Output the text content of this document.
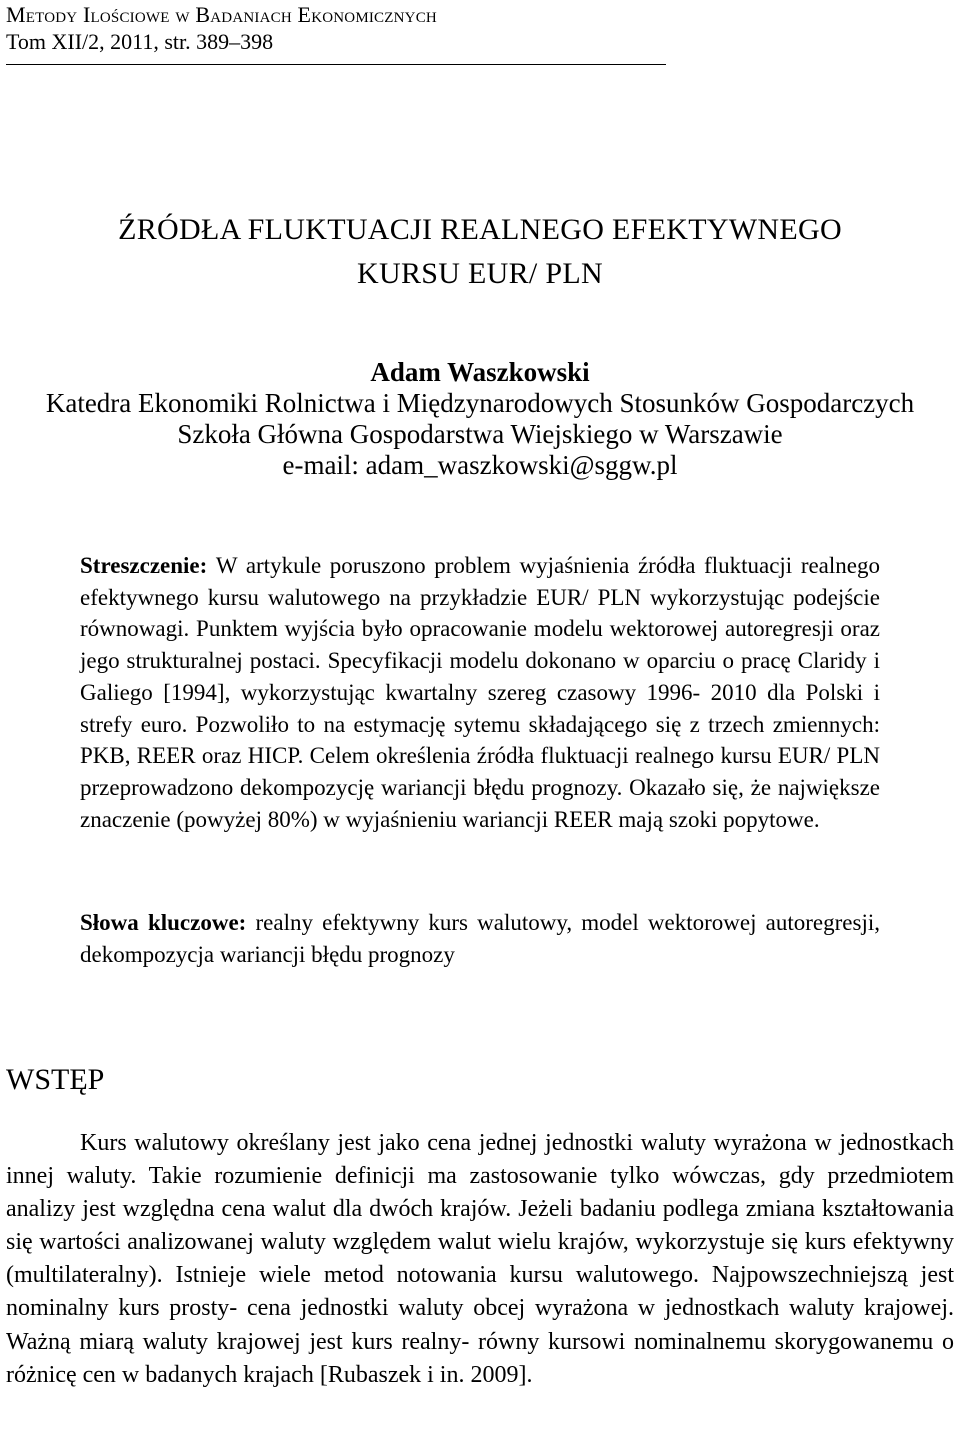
Metody Ilościowe w Badaniach Ekonomicznych
Tom XII/2, 2011, str. 389–398
ŹRÓDŁA FLUKTUACJI REALNEGO EFEKTYWNEGO
KURSU EUR/ PLN
Adam Waszkowski
Katedra Ekonomiki Rolnictwa i Międzynarodowych Stosunków Gospodarczych
Szkoła Główna Gospodarstwa Wiejskiego w Warszawie
e-mail: adam_waszkowski@sggw.pl
Streszczenie: W artykule poruszono problem wyjaśnienia źródła fluktuacji realnego efektywnego kursu walutowego na przykładzie EUR/ PLN wykorzystując podejście równowagi. Punktem wyjścia było opracowanie modelu wektorowej autoregresji oraz jego strukturalnej postaci. Specyfikacji modelu dokonano w oparciu o pracę Claridy i Galiego [1994], wykorzystując kwartalny szereg czasowy 1996- 2010 dla Polski i strefy euro. Pozwoliło to na estymację sytemu składającego się z trzech zmiennych: PKB, REER oraz HICP. Celem określenia źródła fluktuacji realnego kursu EUR/ PLN przeprowadzono dekompozycję wariancji błędu prognozy. Okazało się, że największe znaczenie (powyżej 80%) w wyjaśnieniu wariancji REER mają szoki popytowe.
Słowa kluczowe: realny efektywny kurs walutowy, model wektorowej autoregresji, dekompozycja wariancji błędu prognozy
WSTĘP
Kurs walutowy określany jest jako cena jednej jednostki waluty wyrażona w jednostkach innej waluty. Takie rozumienie definicji ma zastosowanie tylko wówczas, gdy przedmiotem analizy jest względna cena walut dla dwóch krajów. Jeżeli badaniu podlega zmiana kształtowania się wartości analizowanej waluty względem walut wielu krajów, wykorzystuje się kurs efektywny (multilateralny). Istnieje wiele metod notowania kursu walutowego. Najpowszechniejszą jest nominalny kurs prosty- cena jednostki waluty obcej wyrażona w jednostkach waluty krajowej. Ważną miarą waluty krajowej jest kurs realny- równy kursowi nominalnemu skorygowanemu o różnicę cen w badanych krajach [Rubaszek i in. 2009].
